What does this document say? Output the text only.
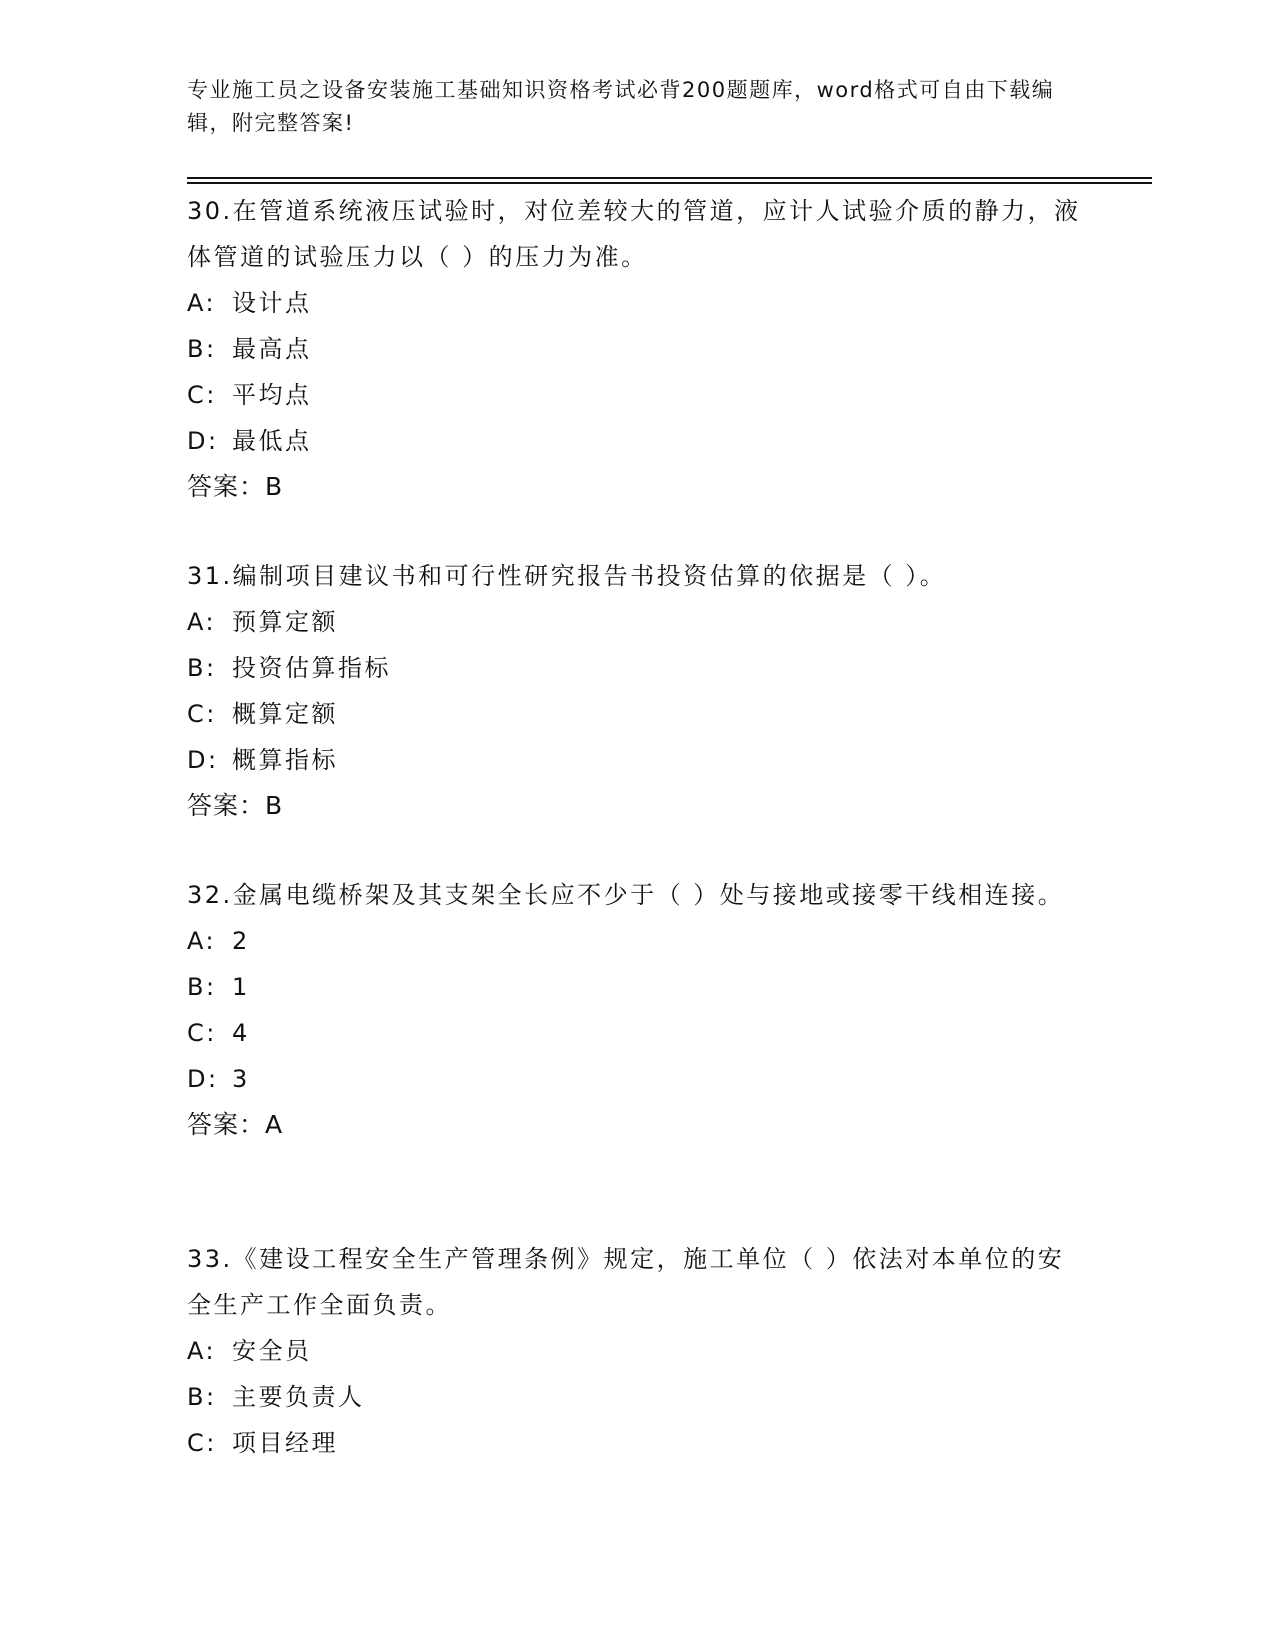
专业施工员之设备安装施工基础知识资格考试必背200题题库，word格式可自由下载编辑，附完整答案!

30.在管道系统液压试验时，对位差较大的管道，应计人试验介质的静力，液体管道的试验压力以（ ）的压力为准。

A: 设计点

B: 最高点

C: 平均点

D: 最低点

答案：B

31.编制项目建议书和可行性研究报告书投资估算的依据是（ ）。

A: 预算定额

B: 投资估算指标

C: 概算定额

D: 概算指标

答案：B

32.金属电缆桥架及其支架全长应不少于（ ）处与接地或接零干线相连接。

A: 2

B: 1

C: 4

D: 3

答案：A

33.《建设工程安全生产管理条例》规定，施工单位（ ）依法对本单位的安全生产工作全面负责。

A: 安全员

B: 主要负责人

C: 项目经理
